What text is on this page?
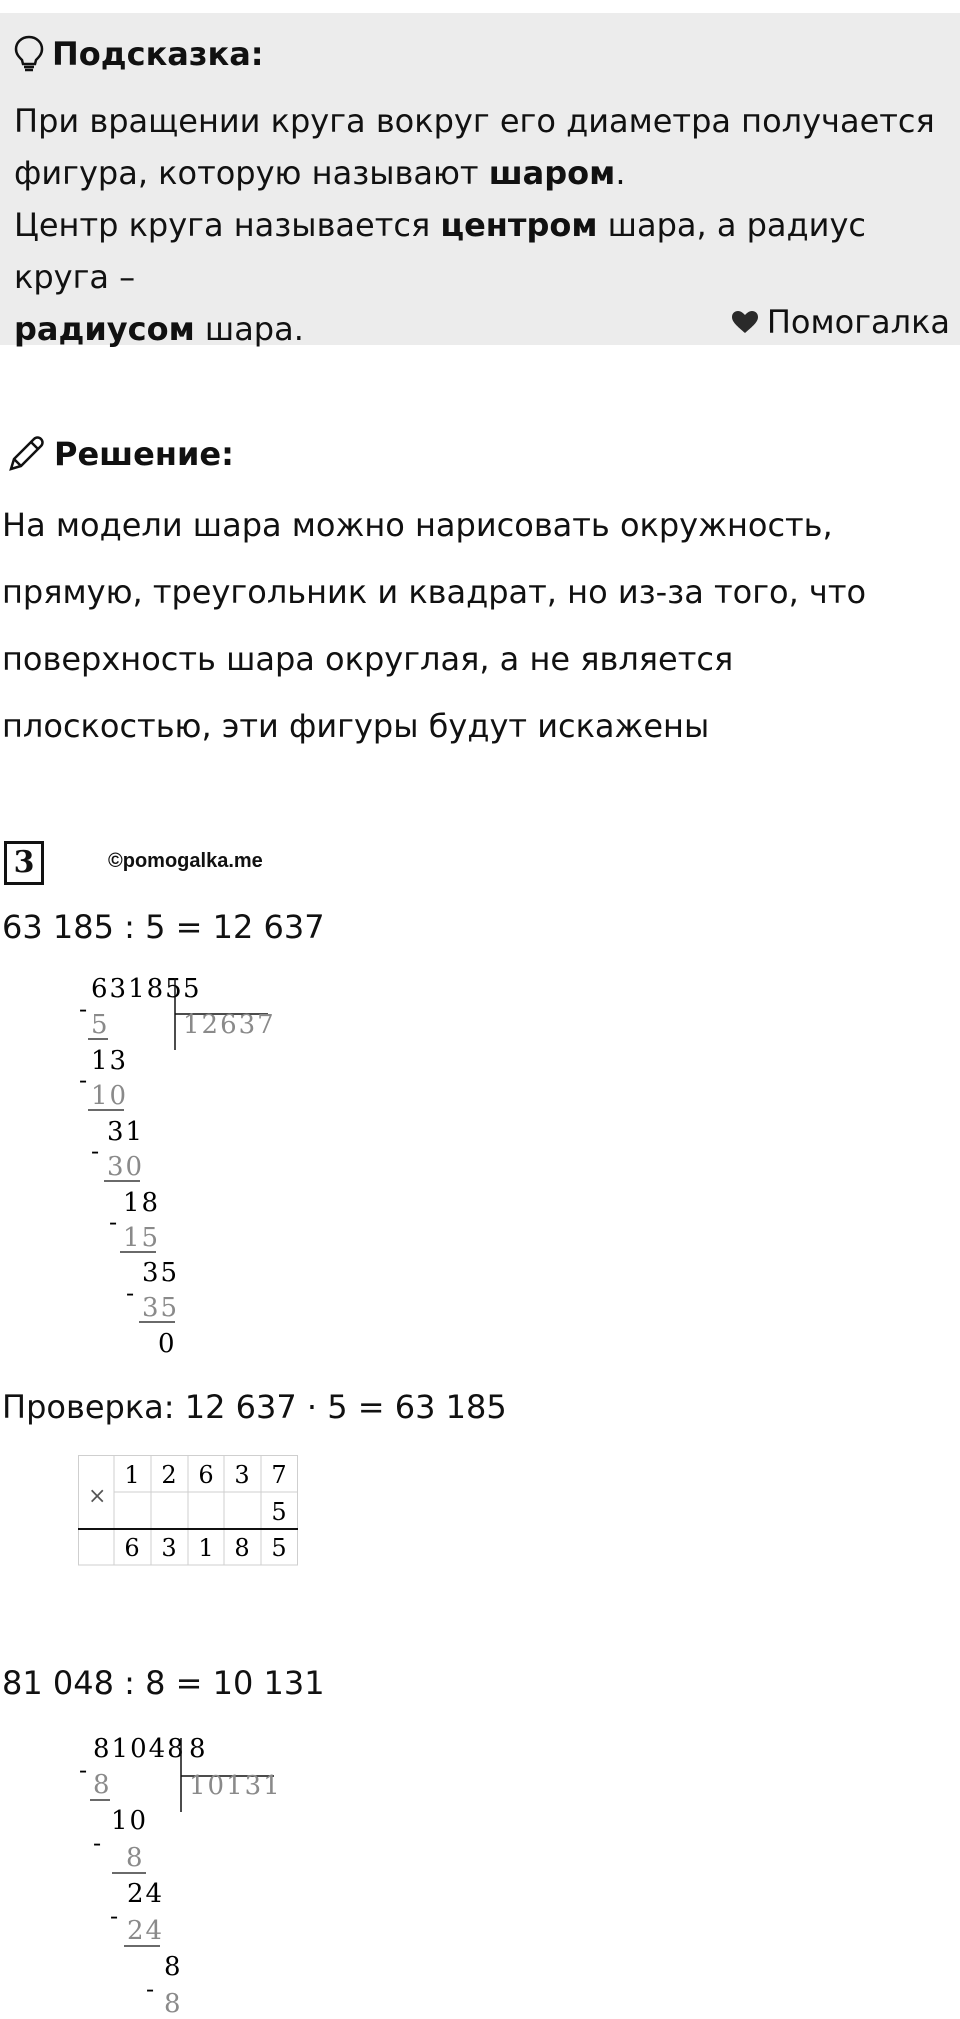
Подсказка:
При вращении круга вокруг его диаметра получается
фигура, которую называют шаром.
Центр круга называется центром шара, а радиус круга –
радиусом шара.	Помогалка
Решение:
На модели шара можно нарисовать окружность, прямую, треугольник и квадрат, но из-за того, что поверхность шара округлая, а не является плоскостью, эти фигуры будут искажены
3	©pomogalka.me
63 185 : 5 = 12 637
63185 5
12637
-
5
13
-
10
31
-
30
18
-
15
35
- 35
0
Проверка: 12 637 · 5 = 63 185
×
1 2 6 3 7
5
6 3 1 8 5
81 048 : 8 = 10 131
81048 8
10131
- 8
10
- 8
24
- 24
8
- 8
